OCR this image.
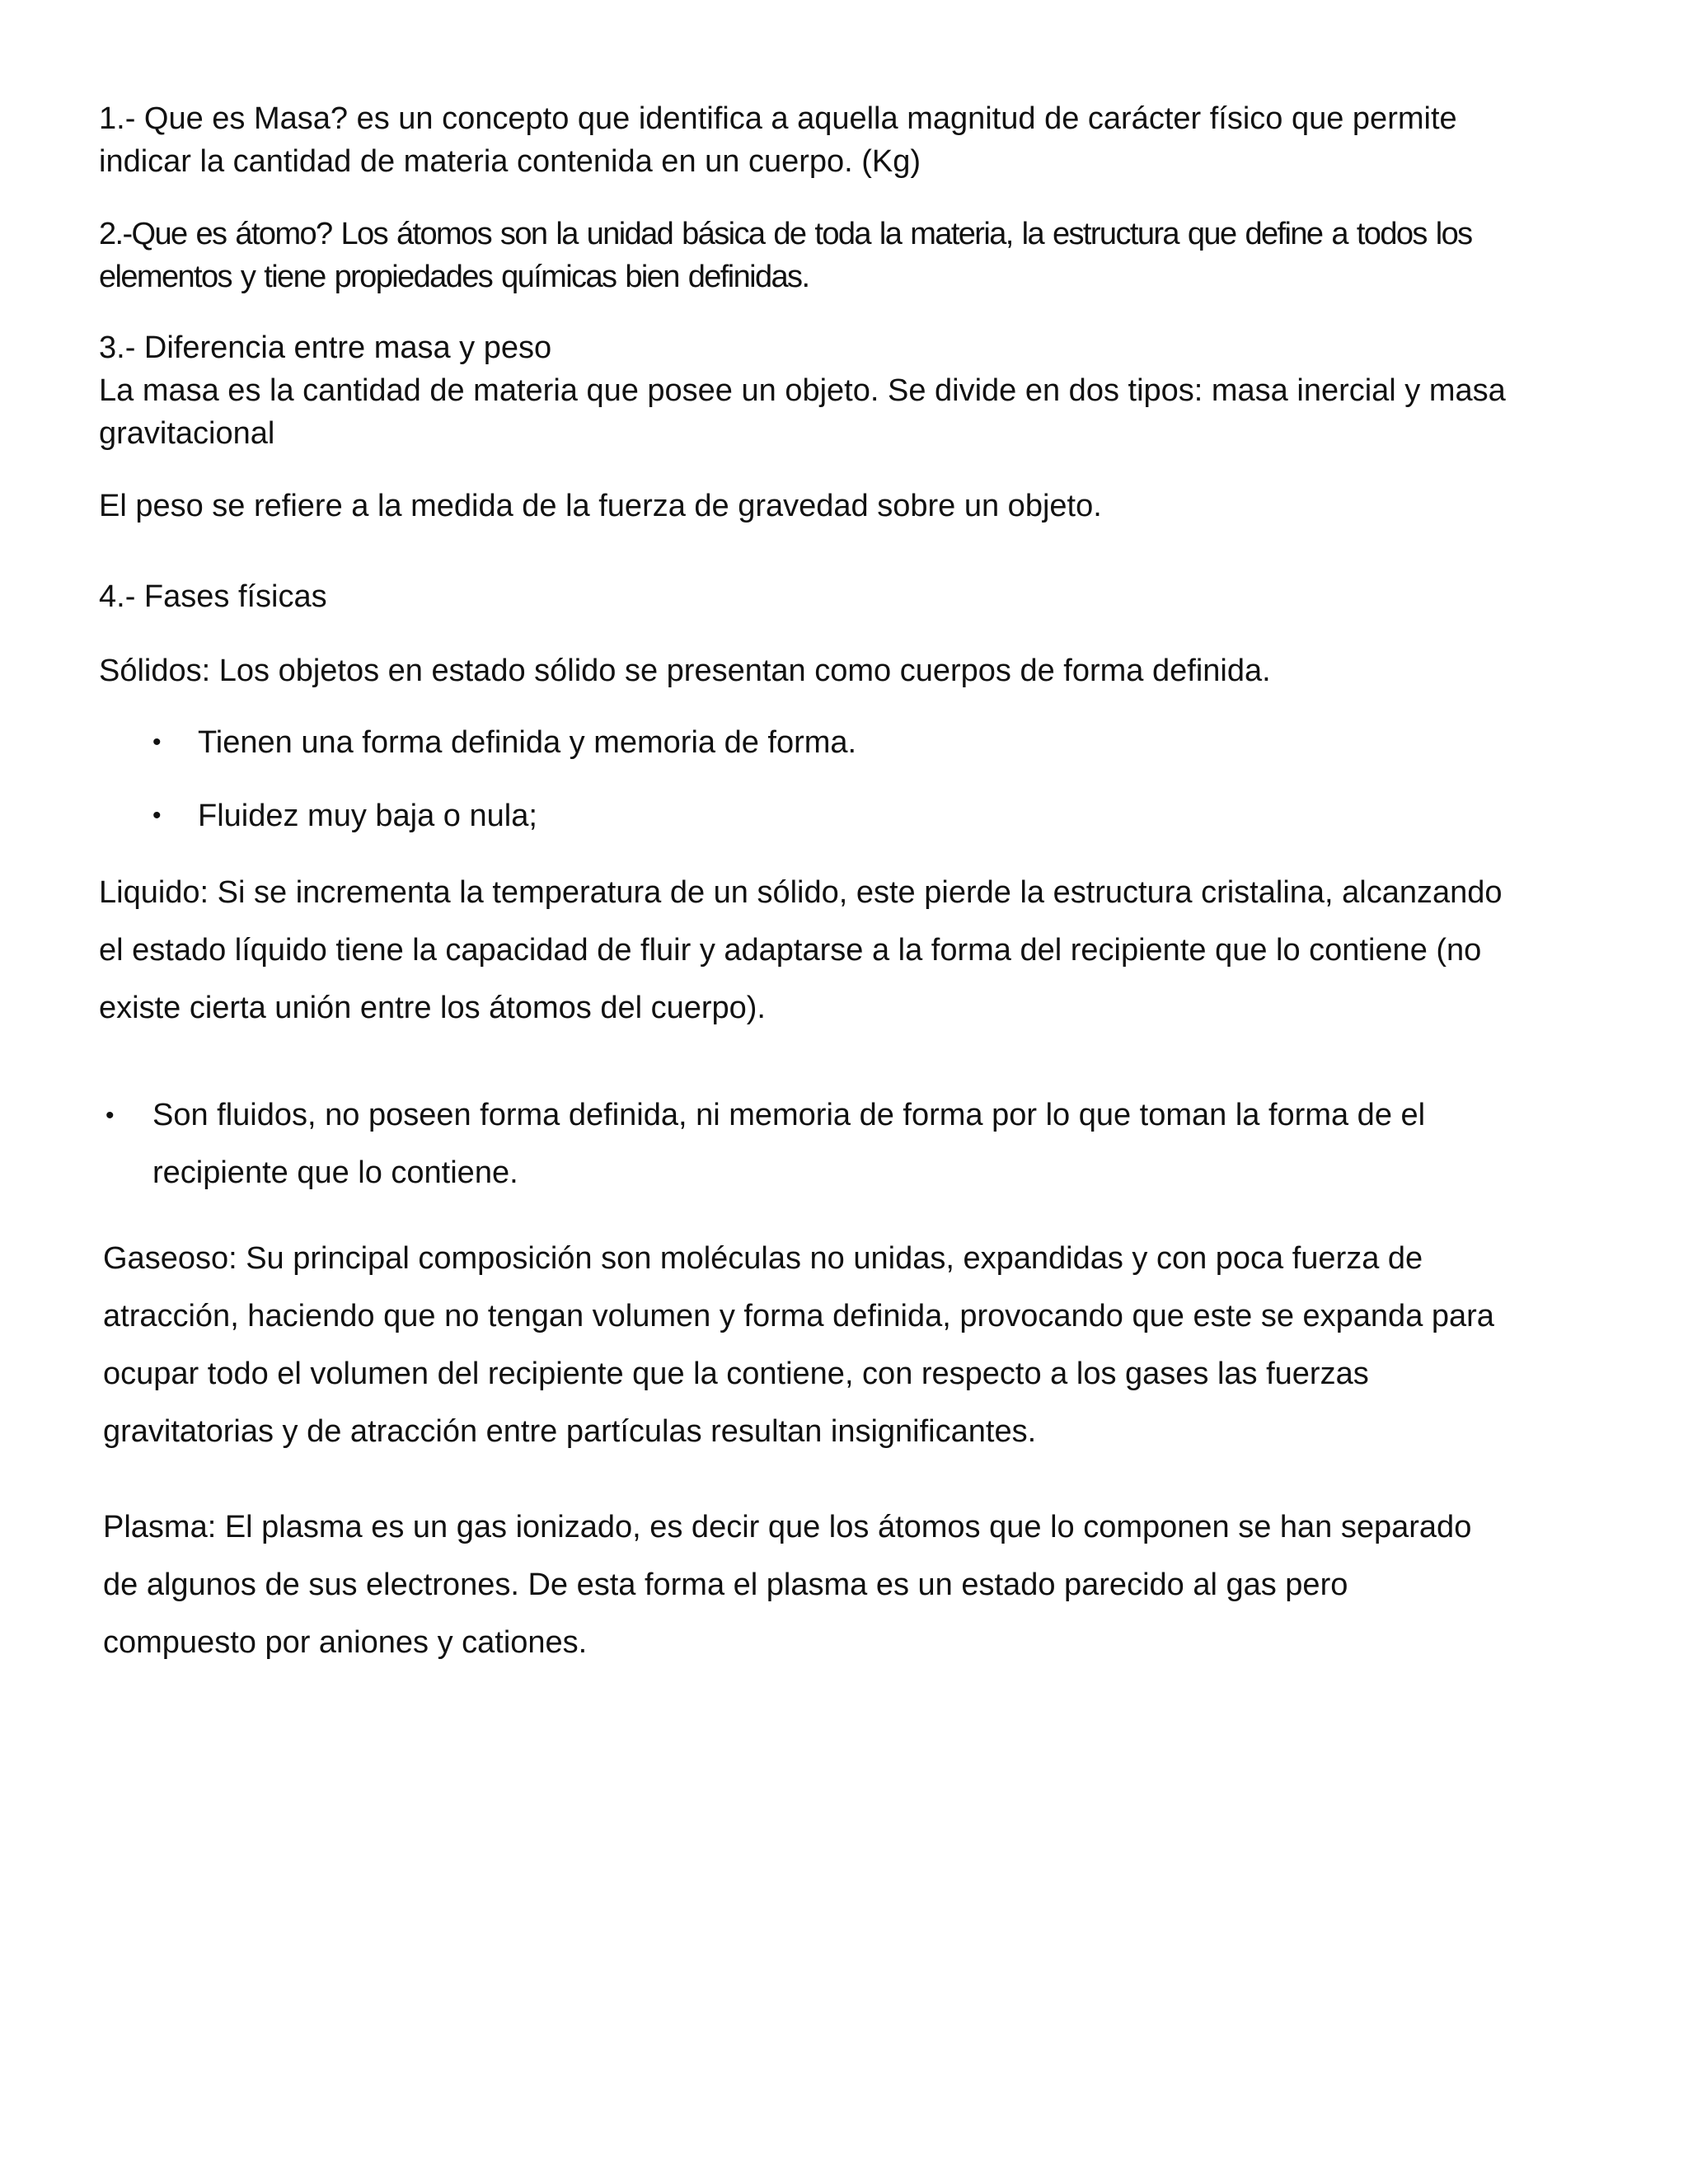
1.- Que es Masa? es un concepto que identifica a aquella magnitud de carácter físico que permite
indicar la cantidad de materia contenida en un cuerpo. (Kg)

2.-Que es átomo? Los átomos son la unidad básica de toda la materia, la estructura que define a todos los
elementos y tiene propiedades químicas bien definidas.

3.- Diferencia entre masa y peso
La masa es la cantidad de materia que posee un objeto. Se divide en dos tipos: masa inercial y masa
gravitacional

El peso se refiere a la medida de la fuerza de gravedad sobre un objeto.

4.- Fases físicas

Sólidos: Los objetos en estado sólido se presentan como cuerpos de forma definida.

• Tienen una forma definida y memoria de forma.
• Fluidez muy baja o nula;

Liquido: Si se incrementa la temperatura de un sólido, este pierde la estructura cristalina, alcanzando
el estado líquido tiene la capacidad de fluir y adaptarse a la forma del recipiente que lo contiene (no
existe cierta unión entre los átomos del cuerpo).

• Son fluidos, no poseen forma definida, ni memoria de forma por lo que toman la forma de el
recipiente que lo contiene.

Gaseoso: Su principal composición son moléculas no unidas, expandidas y con poca fuerza de
atracción, haciendo que no tengan volumen y forma definida, provocando que este se expanda para
ocupar todo el volumen del recipiente que la contiene, con respecto a los gases las fuerzas
gravitatorias y de atracción entre partículas resultan insignificantes.

Plasma: El plasma es un gas ionizado, es decir que los átomos que lo componen se han separado
de algunos de sus electrones. De esta forma el plasma es un estado parecido al gas pero
compuesto por aniones y cationes.
